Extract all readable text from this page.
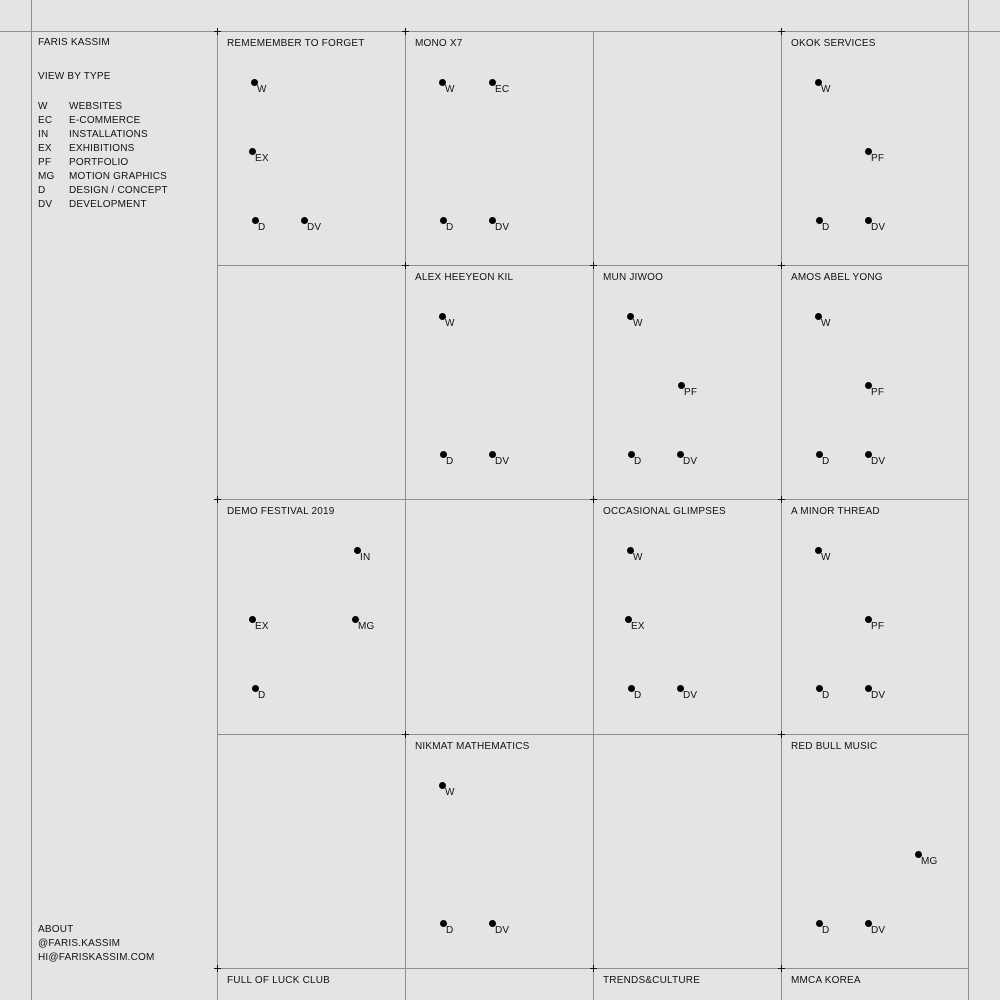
FARIS KASSIM
VIEW BY TYPE
W	WEBSITES
EC	E-COMMERCE
IN	INSTALLATIONS
EX	EXHIBITIONS
PF	PORTFOLIO
MG	MOTION GRAPHICS
D	DESIGN / CONCEPT
DV	DEVELOPMENT
ABOUT
@FARIS.KASSIM
HI@FARISKASSIM.COM
REMEMEMBER TO FORGET
W
EX
D	DV
MONO X7
W	EC
D	DV
OKOK SERVICES
W
PF
D	DV
ALEX HEEYEON KIL
W
D	DV
MUN JIWOO
W
PF
D	DV
AMOS ABEL YONG
W
PF
D	DV
DEMO FESTIVAL 2019
IN
EX	MG
D
OCCASIONAL GLIMPSES
W
EX
D	DV
A MINOR THREAD
W
PF
D	DV
NIKMAT MATHEMATICS
W
D	DV
RED BULL MUSIC
MG
D	DV
FULL OF LUCK CLUB	TRENDS&CULTURE	MMCA KOREA
